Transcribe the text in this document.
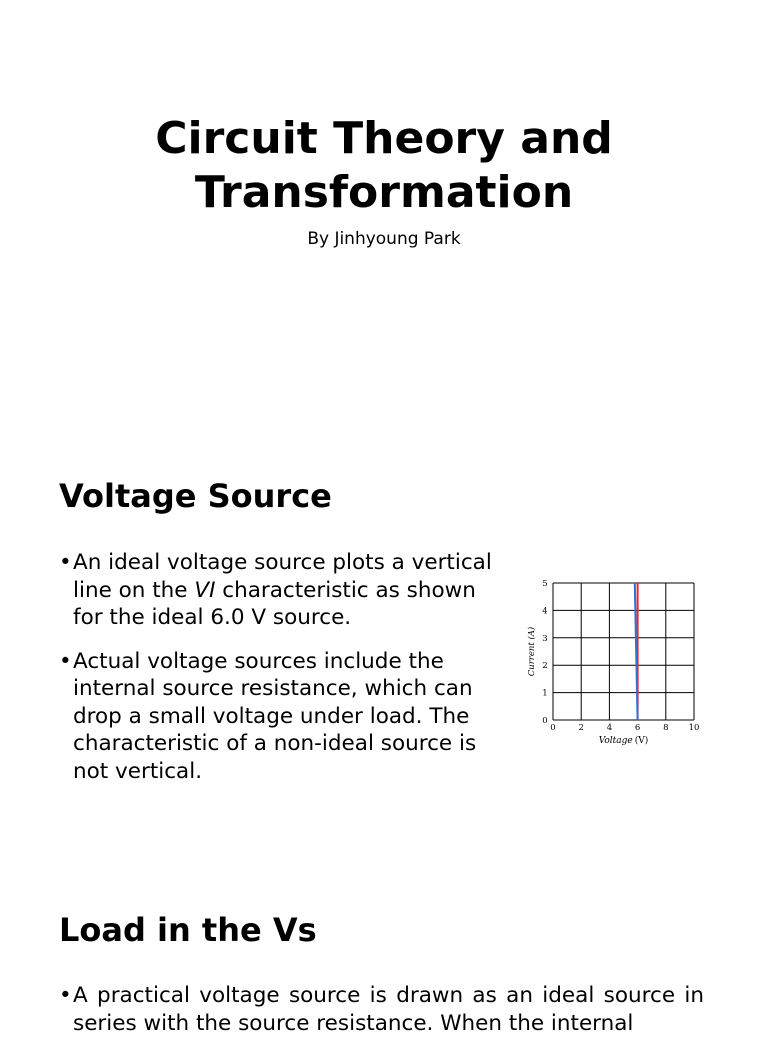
Circuit Theory and
Transformation
By Jinhyoung Park
Voltage Source
• An ideal voltage source plots a vertical line on the VI characteristic as shown for the ideal 6.0 V source.
• Actual voltage sources include the internal source resistance, which can drop a small voltage under load. The characteristic of a non-ideal source is not vertical.
0	2	4	6	8 10
0
1
2
3
4
5
Current (A)
Voltage (V)
Load in the Vs
• A practical voltage source is drawn as an ideal source in series with the source resistance. When the internal
